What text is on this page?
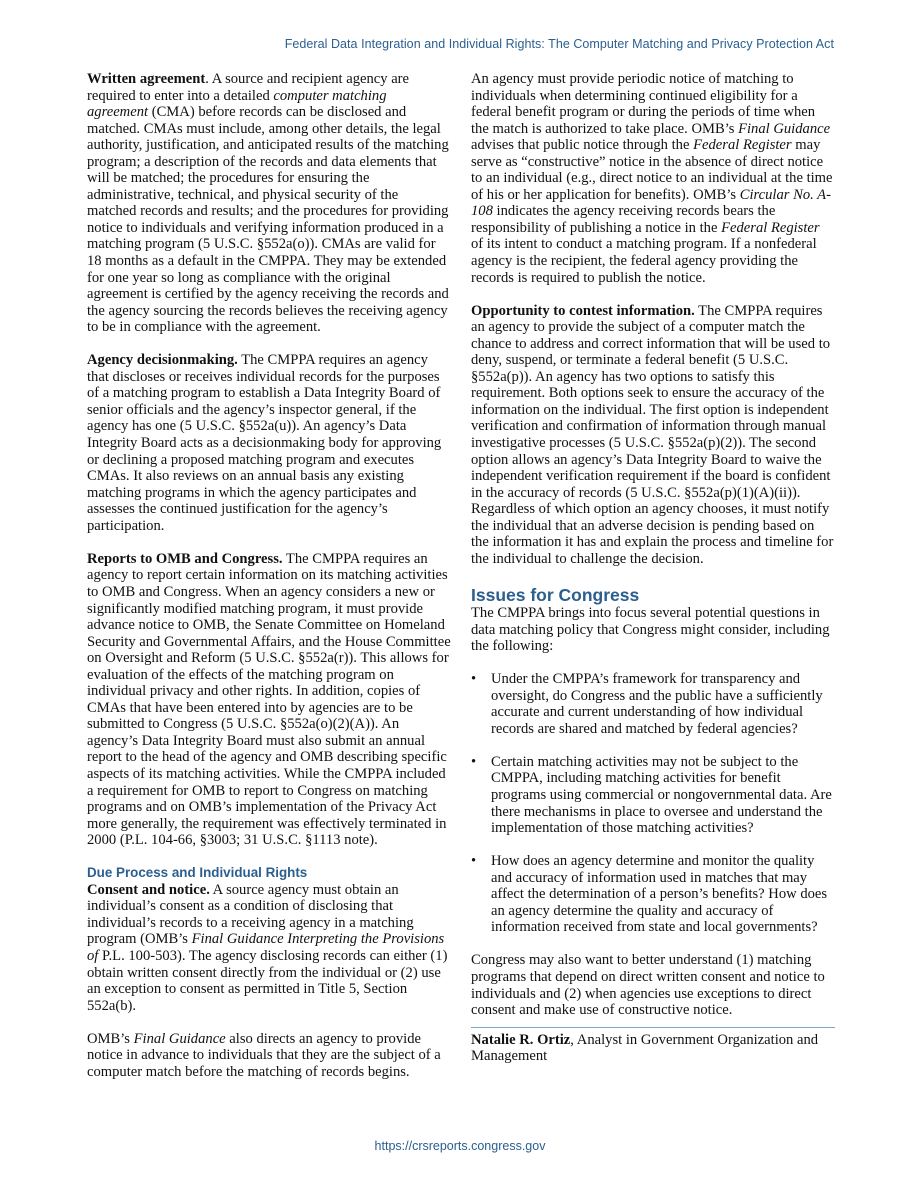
Federal Data Integration and Individual Rights: The Computer Matching and Privacy Protection Act

Written agreement. A source and recipient agency are required to enter into a detailed computer matching agreement (CMA) before records can be disclosed and matched. CMAs must include, among other details, the legal authority, justification, and anticipated results of the matching program; a description of the records and data elements that will be matched; the procedures for ensuring the administrative, technical, and physical security of the matched records and results; and the procedures for providing notice to individuals and verifying information produced in a matching program (5 U.S.C. §552a(o)). CMAs are valid for 18 months as a default in the CMPPA. They may be extended for one year so long as compliance with the original agreement is certified by the agency receiving the records and the agency sourcing the records believes the receiving agency to be in compliance with the agreement.

Agency decisionmaking. The CMPPA requires an agency that discloses or receives individual records for the purposes of a matching program to establish a Data Integrity Board of senior officials and the agency’s inspector general, if the agency has one (5 U.S.C. §552a(u)). An agency’s Data Integrity Board acts as a decisionmaking body for approving or declining a proposed matching program and executes CMAs. It also reviews on an annual basis any existing matching programs in which the agency participates and assesses the continued justification for the agency’s participation.

Reports to OMB and Congress. The CMPPA requires an agency to report certain information on its matching activities to OMB and Congress. When an agency considers a new or significantly modified matching program, it must provide advance notice to OMB, the Senate Committee on Homeland Security and Governmental Affairs, and the House Committee on Oversight and Reform (5 U.S.C. §552a(r)). This allows for evaluation of the effects of the matching program on individual privacy and other rights. In addition, copies of CMAs that have been entered into by agencies are to be submitted to Congress (5 U.S.C. §552a(o)(2)(A)). An agency’s Data Integrity Board must also submit an annual report to the head of the agency and OMB describing specific aspects of its matching activities. While the CMPPA included a requirement for OMB to report to Congress on matching programs and on OMB’s implementation of the Privacy Act more generally, the requirement was effectively terminated in 2000 (P.L. 104-66, §3003; 31 U.S.C. §1113 note).

Due Process and Individual Rights

Consent and notice. A source agency must obtain an individual’s consent as a condition of disclosing that individual’s records to a receiving agency in a matching program (OMB’s Final Guidance Interpreting the Provisions of P.L. 100-503). The agency disclosing records can either (1) obtain written consent directly from the individual or (2) use an exception to consent as permitted in Title 5, Section 552a(b).

OMB’s Final Guidance also directs an agency to provide notice in advance to individuals that they are the subject of a computer match before the matching of records begins.

An agency must provide periodic notice of matching to individuals when determining continued eligibility for a federal benefit program or during the periods of time when the match is authorized to take place. OMB’s Final Guidance advises that public notice through the Federal Register may serve as “constructive” notice in the absence of direct notice to an individual (e.g., direct notice to an individual at the time of his or her application for benefits). OMB’s Circular No. A-108 indicates the agency receiving records bears the responsibility of publishing a notice in the Federal Register of its intent to conduct a matching program. If a nonfederal agency is the recipient, the federal agency providing the records is required to publish the notice.

Opportunity to contest information. The CMPPA requires an agency to provide the subject of a computer match the chance to address and correct information that will be used to deny, suspend, or terminate a federal benefit (5 U.S.C. §552a(p)). An agency has two options to satisfy this requirement. Both options seek to ensure the accuracy of the information on the individual. The first option is independent verification and confirmation of information through manual investigative processes (5 U.S.C. §552a(p)(2)). The second option allows an agency’s Data Integrity Board to waive the independent verification requirement if the board is confident in the accuracy of records (5 U.S.C. §552a(p)(1)(A)(ii)). Regardless of which option an agency chooses, it must notify the individual that an adverse decision is pending based on the information it has and explain the process and timeline for the individual to challenge the decision.

Issues for Congress

The CMPPA brings into focus several potential questions in data matching policy that Congress might consider, including the following:

• Under the CMPPA’s framework for transparency and oversight, do Congress and the public have a sufficiently accurate and current understanding of how individual records are shared and matched by federal agencies?
• Certain matching activities may not be subject to the CMPPA, including matching activities for benefit programs using commercial or nongovernmental data. Are there mechanisms in place to oversee and understand the implementation of those matching activities?
• How does an agency determine and monitor the quality and accuracy of information used in matches that may affect the determination of a person’s benefits? How does an agency determine the quality and accuracy of information received from state and local governments?

Congress may also want to better understand (1) matching programs that depend on direct written consent and notice to individuals and (2) when agencies use exceptions to direct consent and make use of constructive notice.

Natalie R. Ortiz, Analyst in Government Organization and Management

https://crsreports.congress.gov
